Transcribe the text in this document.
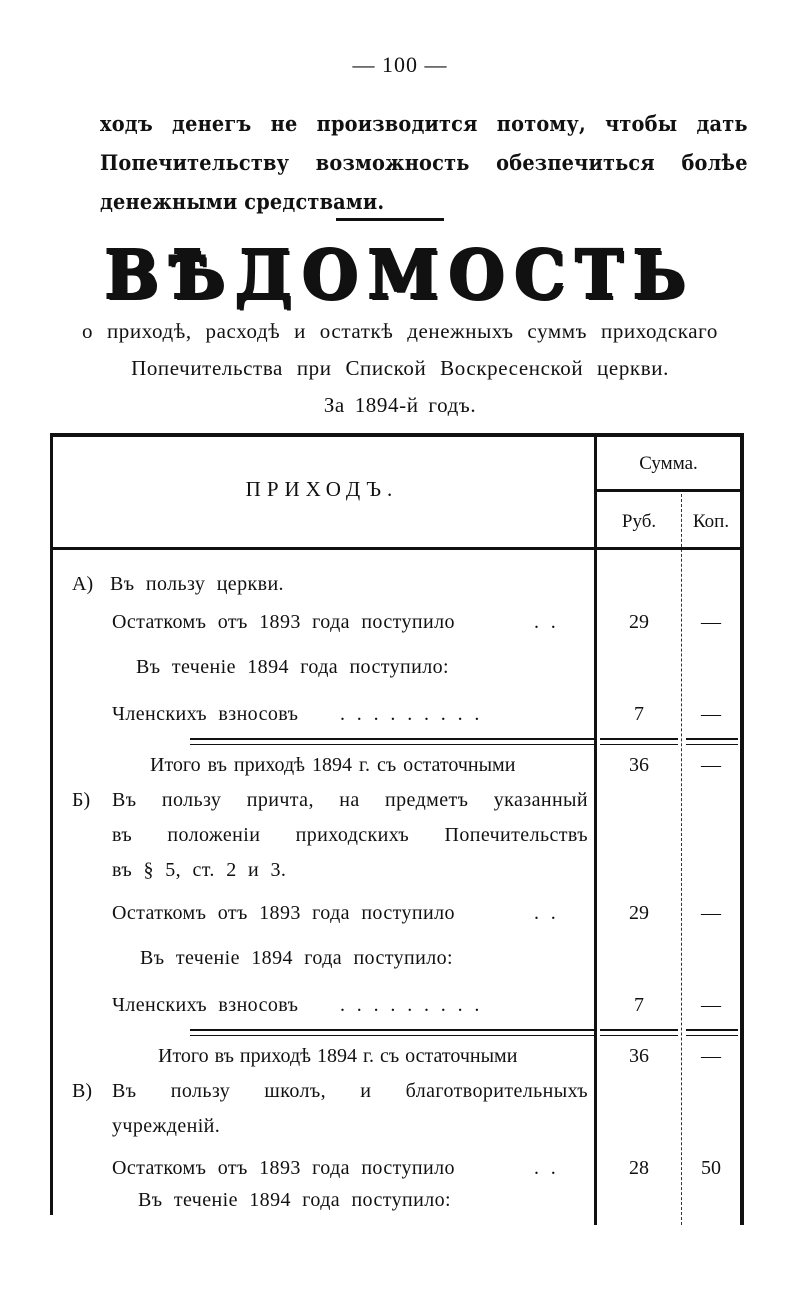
— 100 —
ходъ денегъ не производится потому, чтобы дать Попечительству возможность обезпечиться болѣе денежными средствами.
ВѢДОМОСТЬ
о приходѣ, расходѣ и остаткѣ денежныхъ суммъ приходскаго
Попечительства при Спиской Воскресенской церкви.
За 1894-й годъ.
ПРИХОДЪ.
Сумма.
Руб.	Коп.
А) Въ пользу церкви.
Остаткомъ отъ 1893 года поступило	. .	29	—
Въ теченіе 1894 года поступило:
Членскихъ взносовъ . . . . . . . . .	7	—
Итого въ приходѣ 1894 г. съ остаточными	36	—
Б) Въ пользу причта, на предметъ указанный
въ положеніи приходскихъ Попечительствъ
въ § 5, ст. 2 и 3.
Остаткомъ отъ 1893 года поступило	. .	29	—
Въ теченіе 1894 года поступило:
Членскихъ взносовъ . . . . . . . . .	7	—
Итого въ приходѣ 1894 г. съ остаточными	36	—
В) Въ пользу школъ, и благотворительныхъ
учрежденій.
Остаткомъ отъ 1893 года поступило	. .	28	50
Въ теченіе 1894 года поступило:
